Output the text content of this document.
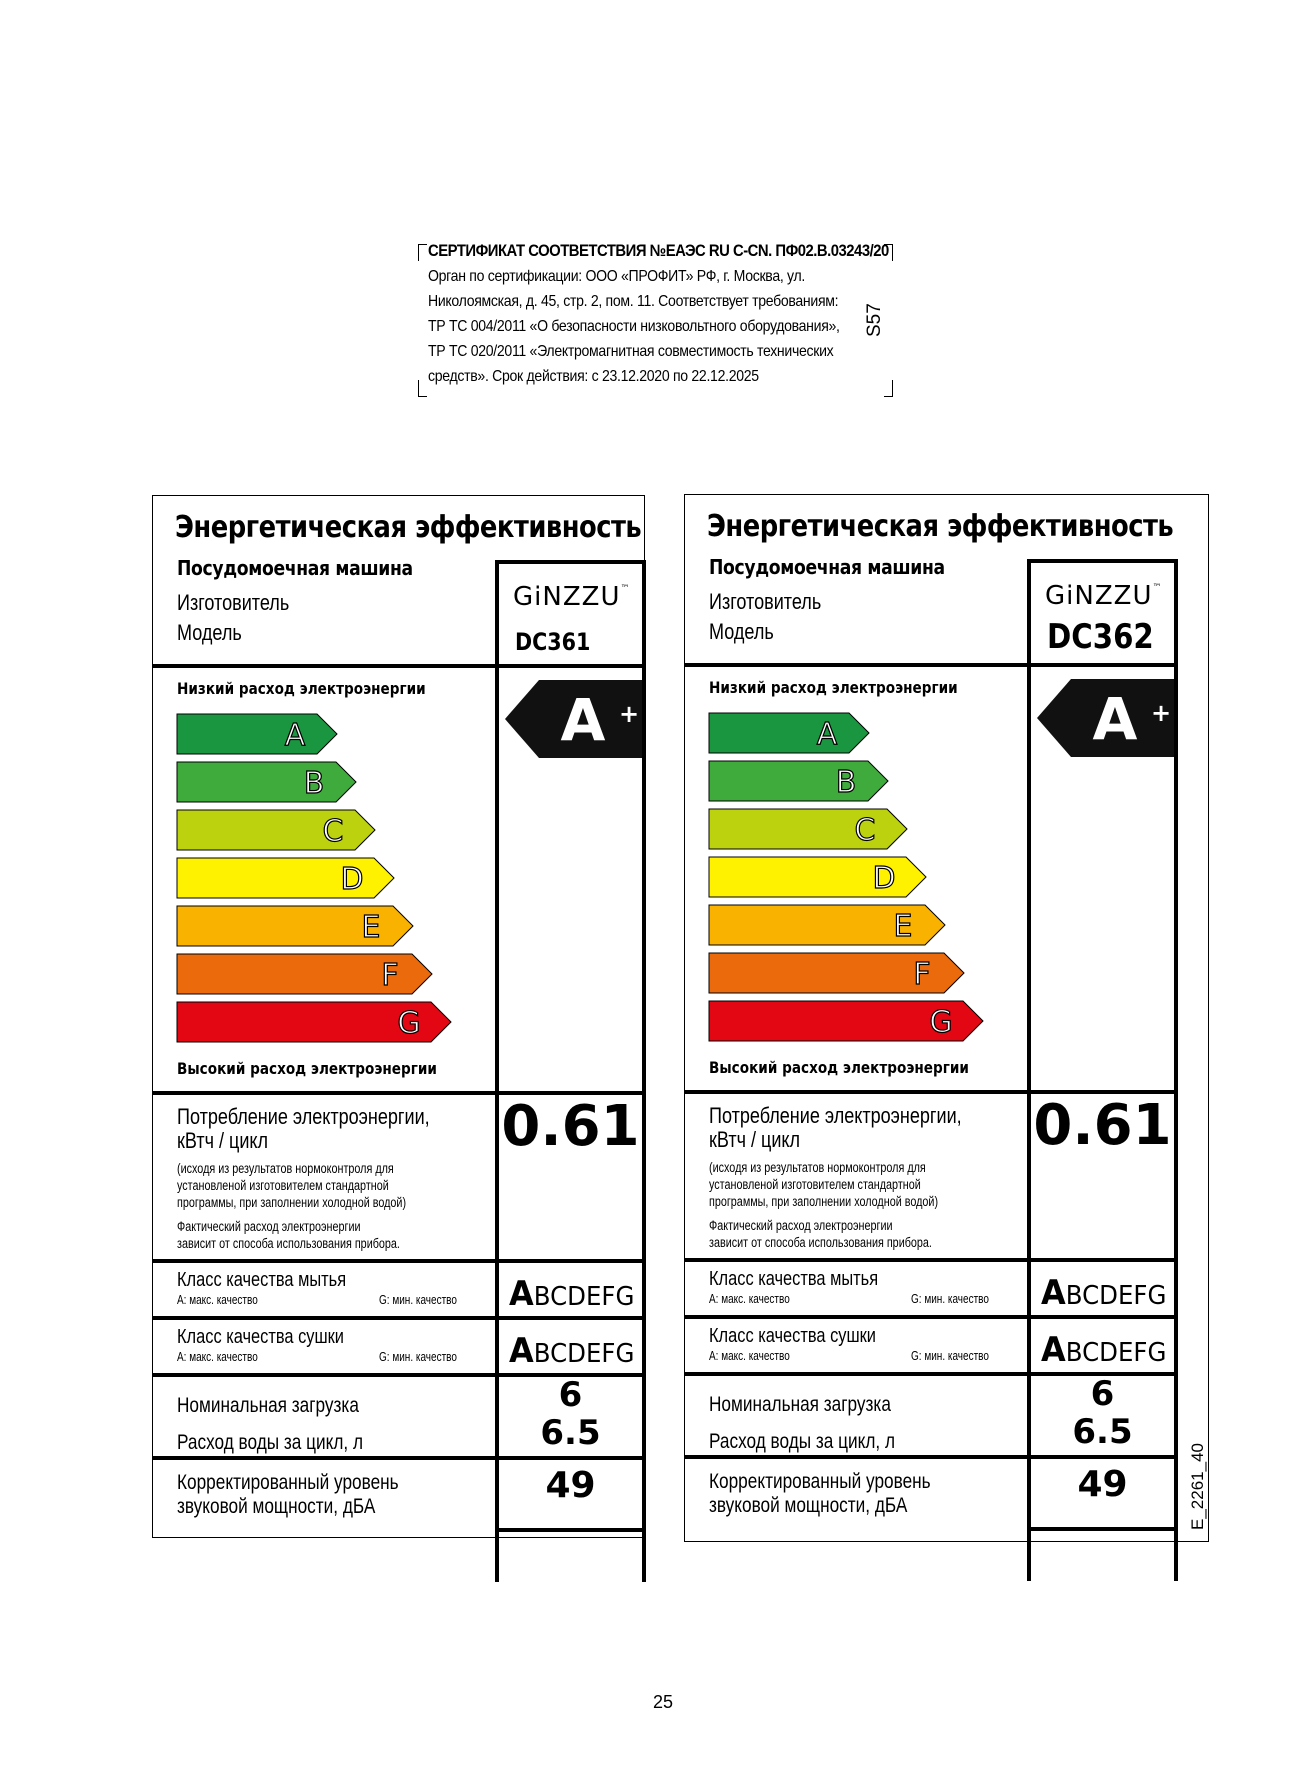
СЕРТИФИКАТ СООТВЕТСТВИЯ №ЕАЭС RU C-CN. ПФ02.В.03243/20
Орган по сертификации: ООО «ПРОФИТ» РФ, г. Москва, ул.
Николоямская, д. 45, стр. 2, пом. 11. Соответствует требованиям:
ТР ТС 004/2011 «О безопасности низковольтного оборудования»,
ТР ТС 020/2011 «Электромагнитная совместимость технических
средств». Срок действия: с 23.12.2020 по 22.12.2025
S57
A
B
C
D
E
F
G
A +
Энергетическая эффективность
Посудомоечная машина
Изготовитель
Модель
GiNZZU™
DC361
Низкий расход электроэнергии
Высокий расход электроэнергии
Потребление электроэнергии,
кВтч / цикл
(исходя из результатов нормоконтроля для
установленой изготовителем стандартной
программы, при заполнении холодной водой)
Фактический расход электроэнергии
зависит от способа использования прибора.
0.61
Класс качества мытья
A: макс. качество	G: мин. качество ABCDEFG
Класс качества сушки
A: макс. качество	G: мин. качество ABCDEFG
Номинальная загрузка	6
Расход воды за цикл, л	6.5
Корректированный уровень
звуковой мощности, дБА
49
A
B
C
D
E
F
G
A +
Энергетическая эффективность
Посудомоечная машина
Изготовитель
Модель
GiNZZU™
DC362
Низкий расход электроэнергии
Высокий расход электроэнергии
Потребление электроэнергии,
кВтч / цикл
(исходя из результатов нормоконтроля для
установленой изготовителем стандартной
программы, при заполнении холодной водой)
Фактический расход электроэнергии
зависит от способа использования прибора.
0.61
Класс качества мытья
A: макс. качество	G: мин. качество ABCDEFG
Класс качества сушки
A: макс. качество	G: мин. качество ABCDEFG
Номинальная загрузка	6
Расход воды за цикл, л	6.5
Корректированный уровень
звуковой мощности, дБА
49	E_2261_40
25
